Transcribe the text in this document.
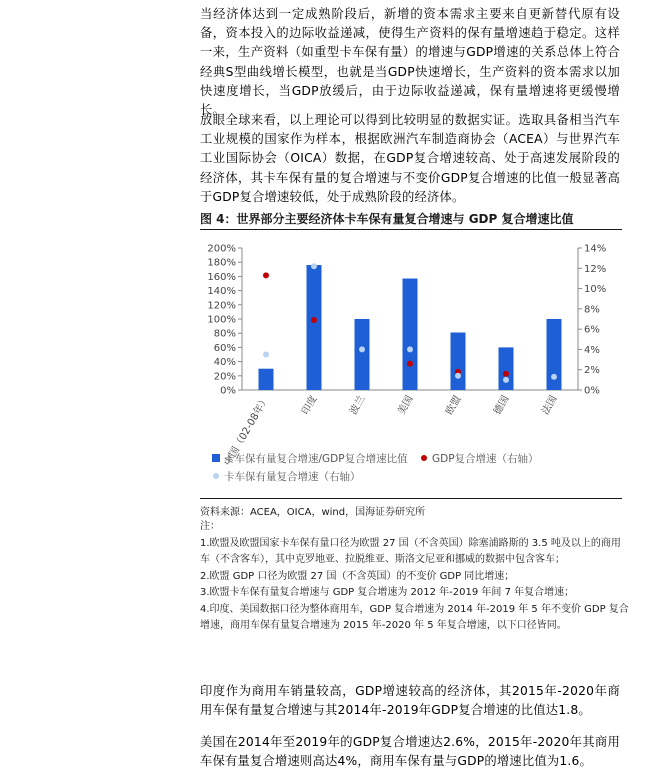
当经济体达到一定成熟阶段后，新增的资本需求主要来自更新替代原有设备，资本投入的边际收益递减，使得生产资料的保有量增速趋于稳定。这样一来，生产资料（如重型卡车保有量）的增速与GDP增速的关系总体上符合经典S型曲线增长模型，也就是当GDP快速增长，生产资料的资本需求以加快速度增长，当GDP放缓后，由于边际收益递减，保有量增速将更缓慢增长。

放眼全球来看，以上理论可以得到比较明显的数据实证。选取具备相当汽车工业规模的国家作为样本，根据欧洲汽车制造商协会（ACEA）与世界汽车工业国际协会（OICA）数据，在GDP复合增速较高、处于高速发展阶段的经济体，其卡车保有量的复合增速与不变价GDP复合增速的比值一般显著高于GDP复合增速较低，处于成熟阶段的经济体。

图 4：世界部分主要经济体卡车保有量复合增速与 GDP 复合增速比值
0%
20%
40%
60%
80%
100%
120%
140%
160%
180%
200%
0%
2%
4%
6%
8%
10%
12%
14%
中国（02-08年）	印度	波兰	美国	欧盟	德国	法国
卡车保有量复合增速/GDP复合增速比值 GDP复合增速（右轴）
卡车保有量复合增速（右轴）
资料来源：ACEA，OICA，wind，国海证券研究所
注：
1.欧盟及欧盟国家卡车保有量口径为欧盟 27 国（不含英国）除塞浦路斯的 3.5 吨及以上的商用车（不含客车），其中克罗地亚、拉脱维亚、斯洛文尼亚和挪威的数据中包含客车；
2.欧盟 GDP 口径为欧盟 27 国（不含英国）的不变价 GDP 同比增速；
3.欧盟卡车保有量复合增速与 GDP 复合增速为 2012 年-2019 年间 7 年复合增速；
4.印度、美国数据口径为整体商用车，GDP 复合增速为 2014 年-2019 年 5 年不变价 GDP 复合增速，商用车保有量复合增速为 2015 年-2020 年 5 年复合增速，以下口径皆同。

印度作为商用车销量较高，GDP增速较高的经济体，其2015年-2020年商用车保有量复合增速与其2014年-2019年GDP复合增速的比值达1.8。

美国在2014年至2019年的GDP复合增速达2.6%，2015年-2020年其商用车保有量复合增速则高达4%，商用车保有量与GDP的增速比值为1.6。
